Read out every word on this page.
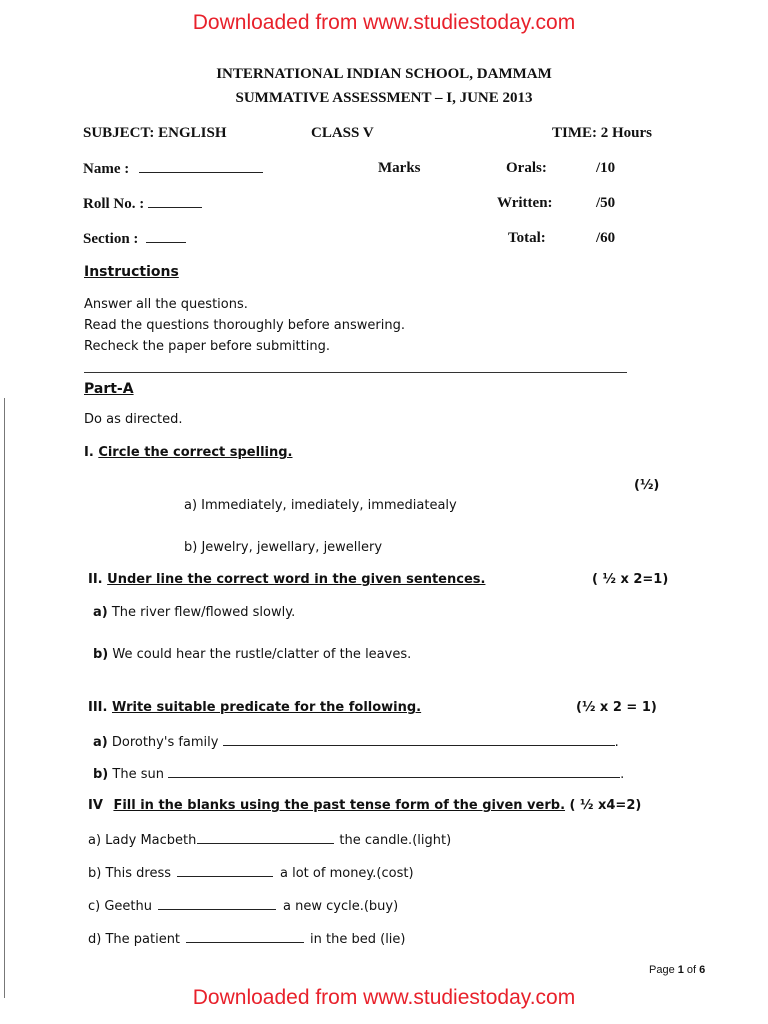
Downloaded from www.studiestoday.com
INTERNATIONAL INDIAN SCHOOL, DAMMAM
SUMMATIVE ASSESSMENT – I, JUNE 2013
SUBJECT: ENGLISH	CLASS V	TIME: 2 Hours
Name :	Marks	Orals:	/10
Roll No. :	Written:	/50
Section :	Total:	/60
Instructions
Answer all the questions.
Read the questions thoroughly before answering.
Recheck the paper before submitting.
Part-A
Do as directed.
I. Circle the correct spelling.
(½)
a) Immediately, imediately, immediatealy
b) Jewelry, jewellary, jewellery
II. Under line the correct word in the given sentences.	( ½ x 2=1)
a) The river flew/flowed slowly.
b) We could hear the rustle/clatter of the leaves.
III. Write suitable predicate for the following.	(½ x 2 = 1)
a) Dorothy's family	.
b) The sun	.
IV Fill in the blanks using the past tense form of the given verb. ( ½ x4=2)
a) Lady Macbeth	the candle.(light)
b) This dress	a lot of money.(cost)
c) Geethu	a new cycle.(buy)
d) The patient	in the bed (lie)
Page 1 of 6
Downloaded from www.studiestoday.com
